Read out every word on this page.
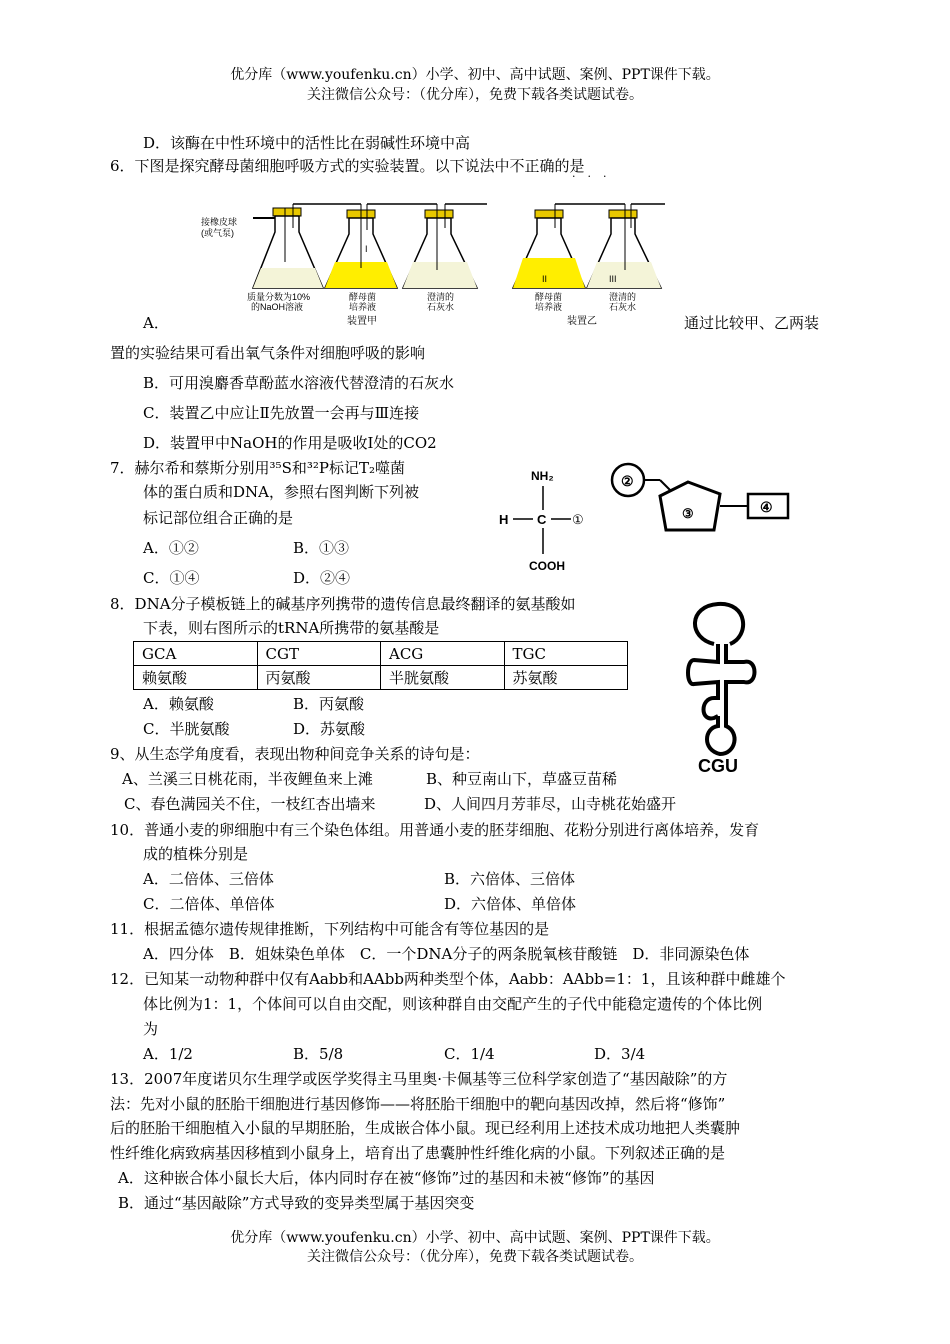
优分库（www.youfenku.cn）小学、初中、高中试题、案例、PPT课件下载。
关注微信公众号：（优分库），免费下载各类试题试卷。
D．该酶在中性环境中的活性比在弱碱性环境中高
6．下图是探究酵母菌细胞呼吸方式的实验装置。以下说法中不正确的是
···
接橡皮球
(或气泵)
I
II	III
质量分数为10%
的NaOH溶液
酵母菌
培养液
澄清的
石灰水
酵母菌
培养液
澄清的
石灰水
装置甲	装置乙
A．	通过比较甲、乙两装
置的实验结果可看出氧气条件对细胞呼吸的影响
B．可用溴麝香草酚蓝水溶液代替澄清的石灰水
C．装置乙中应让Ⅱ先放置一会再与Ⅲ连接
D．装置甲中NaOH的作用是吸收Ⅰ处的CO2
7．赫尔希和蔡斯分别用³⁵S和³²P标记T₂噬菌
体的蛋白质和DNA，参照右图判断下列被
标记部位组合正确的是
A．①②	B．①③
C．①④	D．②④
NH₂
H C ①
COOH
②
③	④
8．DNA分子模板链上的碱基序列携带的遗传信息最终翻译的氨基酸如
下表，则右图所示的tRNA所携带的氨基酸是
GCA	CGT	ACG	TGC
赖氨酸	丙氨酸	半胱氨酸	苏氨酸
A．赖氨酸	B．丙氨酸
C．半胱氨酸	D．苏氨酸
CGU
9、从生态学角度看，表现出物种间竞争关系的诗句是：
A、兰溪三日桃花雨，半夜鲤鱼来上滩	B、种豆南山下，草盛豆苗稀
C、春色满园关不住，一枝红杏出墙来	D、人间四月芳菲尽，山寺桃花始盛开
10．普通小麦的卵细胞中有三个染色体组。用普通小麦的胚芽细胞、花粉分别进行离体培养，发育
成的植株分别是
A．二倍体、三倍体	B．六倍体、三倍体
C．二倍体、单倍体	D．六倍体、单倍体
11．根据孟德尔遗传规律推断，下列结构中可能含有等位基因的是
A．四分体　B．姐妹染色单体　C．一个DNA分子的两条脱氧核苷酸链　D．非同源染色体
12．已知某一动物种群中仅有Aabb和AAbb两种类型个体，Aabb：AAbb=1：1，且该种群中雌雄个
体比例为1：1，个体间可以自由交配，则该种群自由交配产生的子代中能稳定遗传的个体比例
为
A．1/2	B．5/8	C．1/4	D．3/4
13．2007年度诺贝尔生理学或医学奖得主马里奥·卡佩基等三位科学家创造了“基因敲除”的方
法：先对小鼠的胚胎干细胞进行基因修饰——将胚胎干细胞中的靶向基因改掉，然后将“修饰”
后的胚胎干细胞植入小鼠的早期胚胎，生成嵌合体小鼠。现已经利用上述技术成功地把人类囊肿
性纤维化病致病基因移植到小鼠身上，培育出了患囊肿性纤维化病的小鼠。下列叙述正确的是
A．这种嵌合体小鼠长大后，体内同时存在被“修饰”过的基因和未被“修饰”的基因
B．通过“基因敲除”方式导致的变异类型属于基因突变
优分库（www.youfenku.cn）小学、初中、高中试题、案例、PPT课件下载。
关注微信公众号：（优分库），免费下载各类试题试卷。
